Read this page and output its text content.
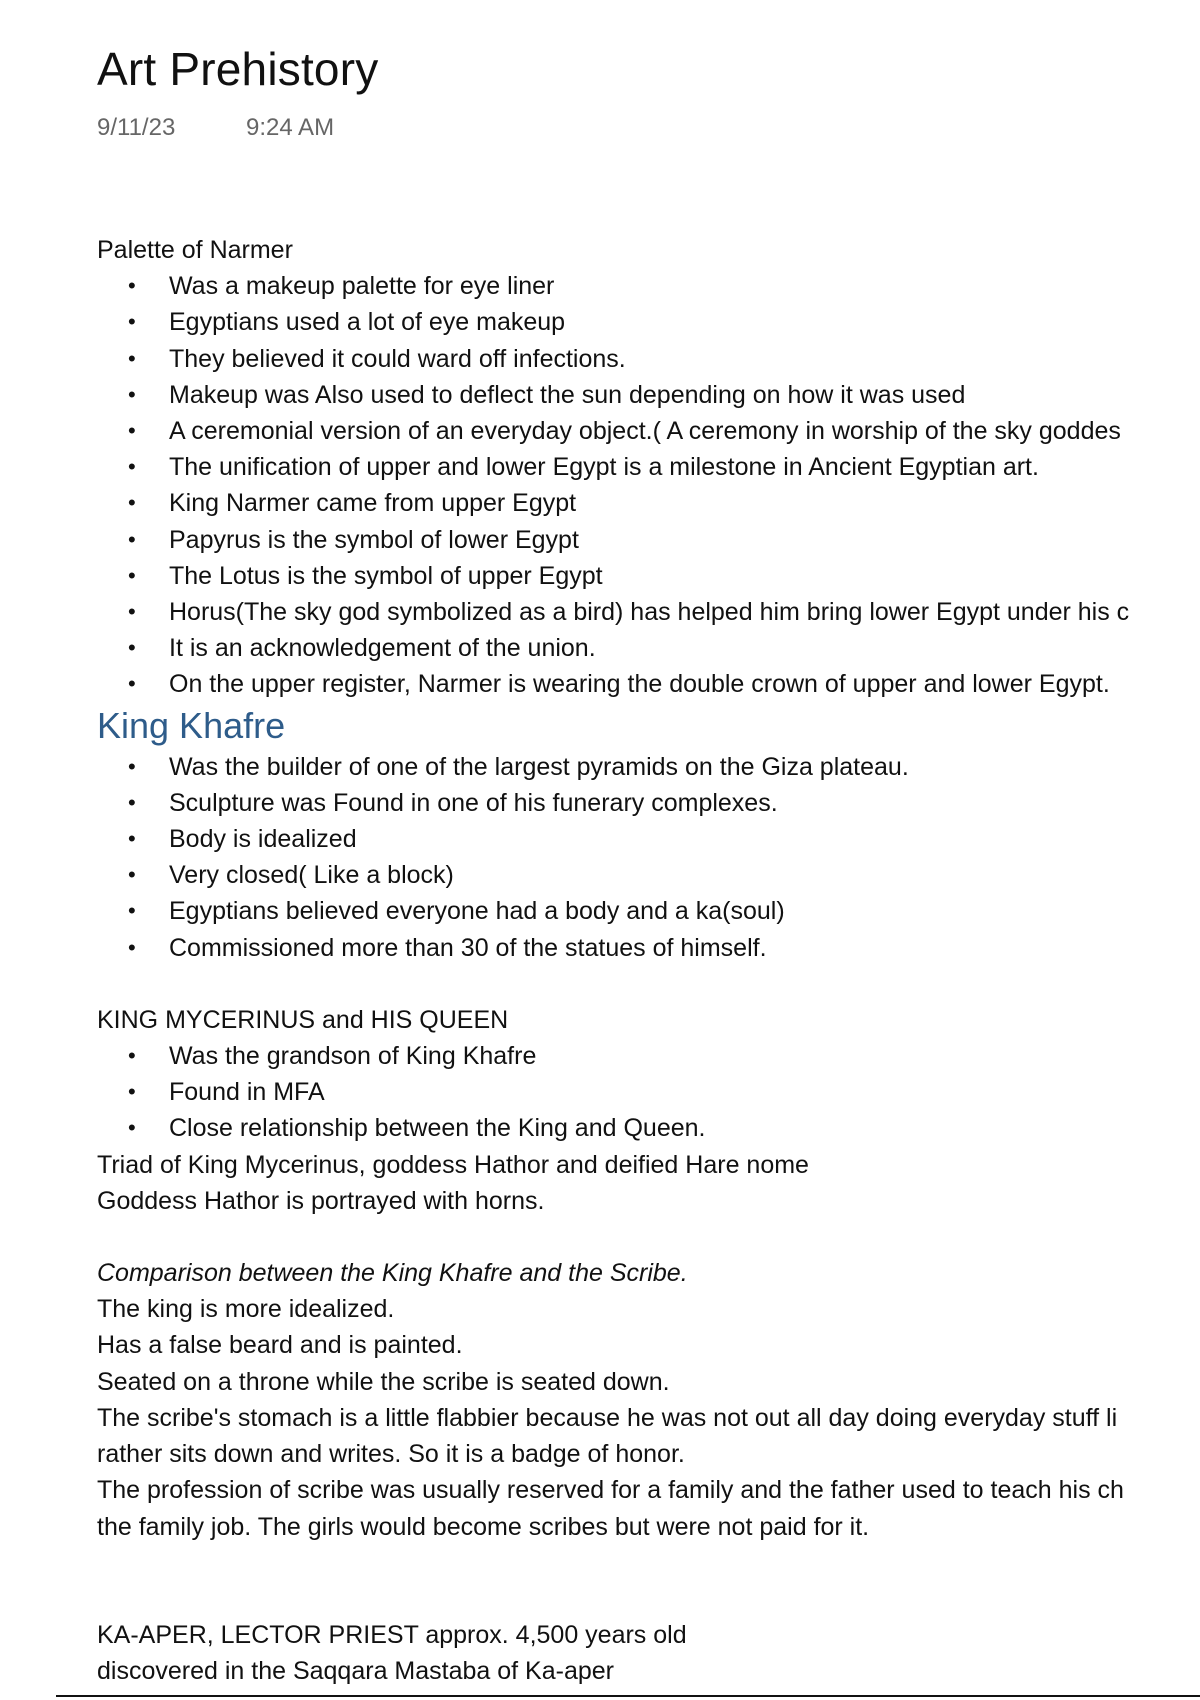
Art Prehistory
9/11/23	9:24 AM

Palette of Narmer

• Was a makeup palette for eye liner
• Egyptians used a lot of eye makeup
• They believed it could ward off infections.
• Makeup was Also used to deflect the sun depending on how it was used
• A ceremonial version of an everyday object.( A ceremony in worship of the sky goddes
• The unification of upper and lower Egypt is a milestone in Ancient Egyptian art.
• King Narmer came from upper Egypt
• Papyrus is the symbol of lower Egypt
• The Lotus is the symbol of upper Egypt
• Horus(The sky god symbolized as a bird) has helped him bring lower Egypt under his c
• It is an acknowledgement of the union.
• On the upper register, Narmer is wearing the double crown of upper and lower Egypt.

King Khafre

• Was the builder of one of the largest pyramids on the Giza plateau.
• Sculpture was Found in one of his funerary complexes.
• Body is idealized
• Very closed( Like a block)
• Egyptians believed everyone had a body and a ka(soul)
• Commissioned more than 30 of the statues of himself.

KING MYCERINUS and HIS QUEEN

• Was the grandson of King Khafre
• Found in MFA
• Close relationship between the King and Queen.

Triad of King Mycerinus, goddess Hathor and deified Hare nome

Goddess Hathor is portrayed with horns.

Comparison between the King Khafre and the Scribe.

The king is more idealized.

Has a false beard and is painted.

Seated on a throne while the scribe is seated down.

The scribe's stomach is a little flabbier because he was not out all day doing everyday stuff li

rather sits down and writes. So it is a badge of honor.

The profession of scribe was usually reserved for a family and the father used to teach his ch

the family job. The girls would become scribes but were not paid for it.

KA-APER, LECTOR PRIEST approx. 4,500 years old

discovered in the Saqqara Mastaba of Ka-aper
